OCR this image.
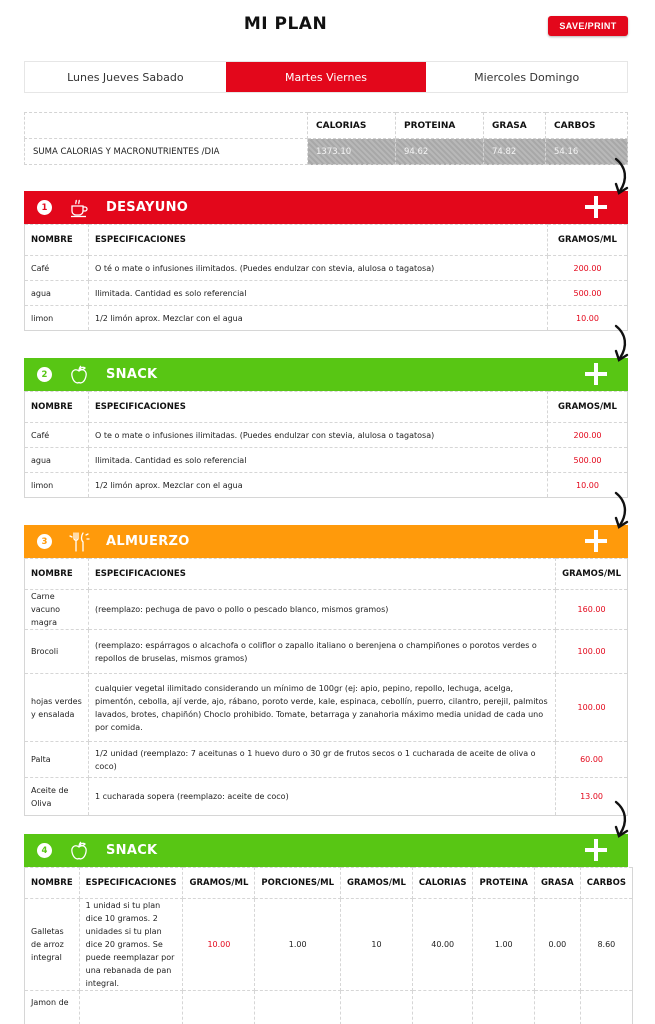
MI PLAN	SAVE/PRINT
Lunes Jueves Sabado	Martes Viernes	Miercoles Domingo
	CALORIAS	PROTEINA	GRASA	CARBOS
SUMA CALORIAS Y MACRONUTRIENTES /DIA	1373.10	94.62	74.82	54.16
1	DESAYUNO
NOMBRE	ESPECIFICACIONES	GRAMOS/ML
Café	O té o mate o infusiones ilimitados. (Puedes endulzar con stevia, alulosa o tagatosa)	200.00
agua	Ilimitada. Cantidad es solo referencial	500.00
limon	1/2 limón aprox. Mezclar con el agua	10.00
2	SNACK
NOMBRE	ESPECIFICACIONES	GRAMOS/ML
Café	O te o mate o infusiones ilimitadas. (Puedes endulzar con stevia, alulosa o tagatosa)	200.00
agua	Ilimitada. Cantidad es solo referencial	500.00
limon	1/2 limón aprox. Mezclar con el agua	10.00
3	ALMUERZO
NOMBRE	ESPECIFICACIONES	GRAMOS/ML
Carne vacuno magra	(reemplazo: pechuga de pavo o pollo o pescado blanco, mismos gramos)	160.00
Brocoli	(reemplazo: espárragos o alcachofa o coliflor o zapallo italiano o berenjena o champiñones o porotos verdes o repollos de bruselas, mismos gramos)	100.00
hojas verdes y ensalada	cualquier vegetal ilimitado considerando un mínimo de 100gr (ej: apio, pepino, repollo, lechuga, acelga, pimentón, cebolla, ají verde, ajo, rábano, poroto verde, kale, espinaca, cebollín, puerro, cilantro, perejil, palmitos lavados, brotes, chapiñón) Choclo prohibido. Tomate, betarraga y zanahoria máximo media unidad de cada uno por comida.	100.00
Palta	1/2 unidad (reemplazo: 7 aceitunas o 1 huevo duro o 30 gr de frutos secos o 1 cucharada de aceite de oliva o coco)	60.00
Aceite de Oliva	1 cucharada sopera (reemplazo: aceite de coco)	13.00
4	SNACK
NOMBRE	ESPECIFICACIONES	GRAMOS/ML	PORCIONES/ML	GRAMOS/ML	CALORIAS	PROTEINA	GRASA	CARBOS
Galletas de arroz integral	1 unidad si tu plan dice 10 gramos. 2 unidades si tu plan dice 20 gramos. Se puede reemplazar por una rebanada de pan integral.	10.00	1.00	10	40.00	1.00	0.00	8.60
Jamon de								
